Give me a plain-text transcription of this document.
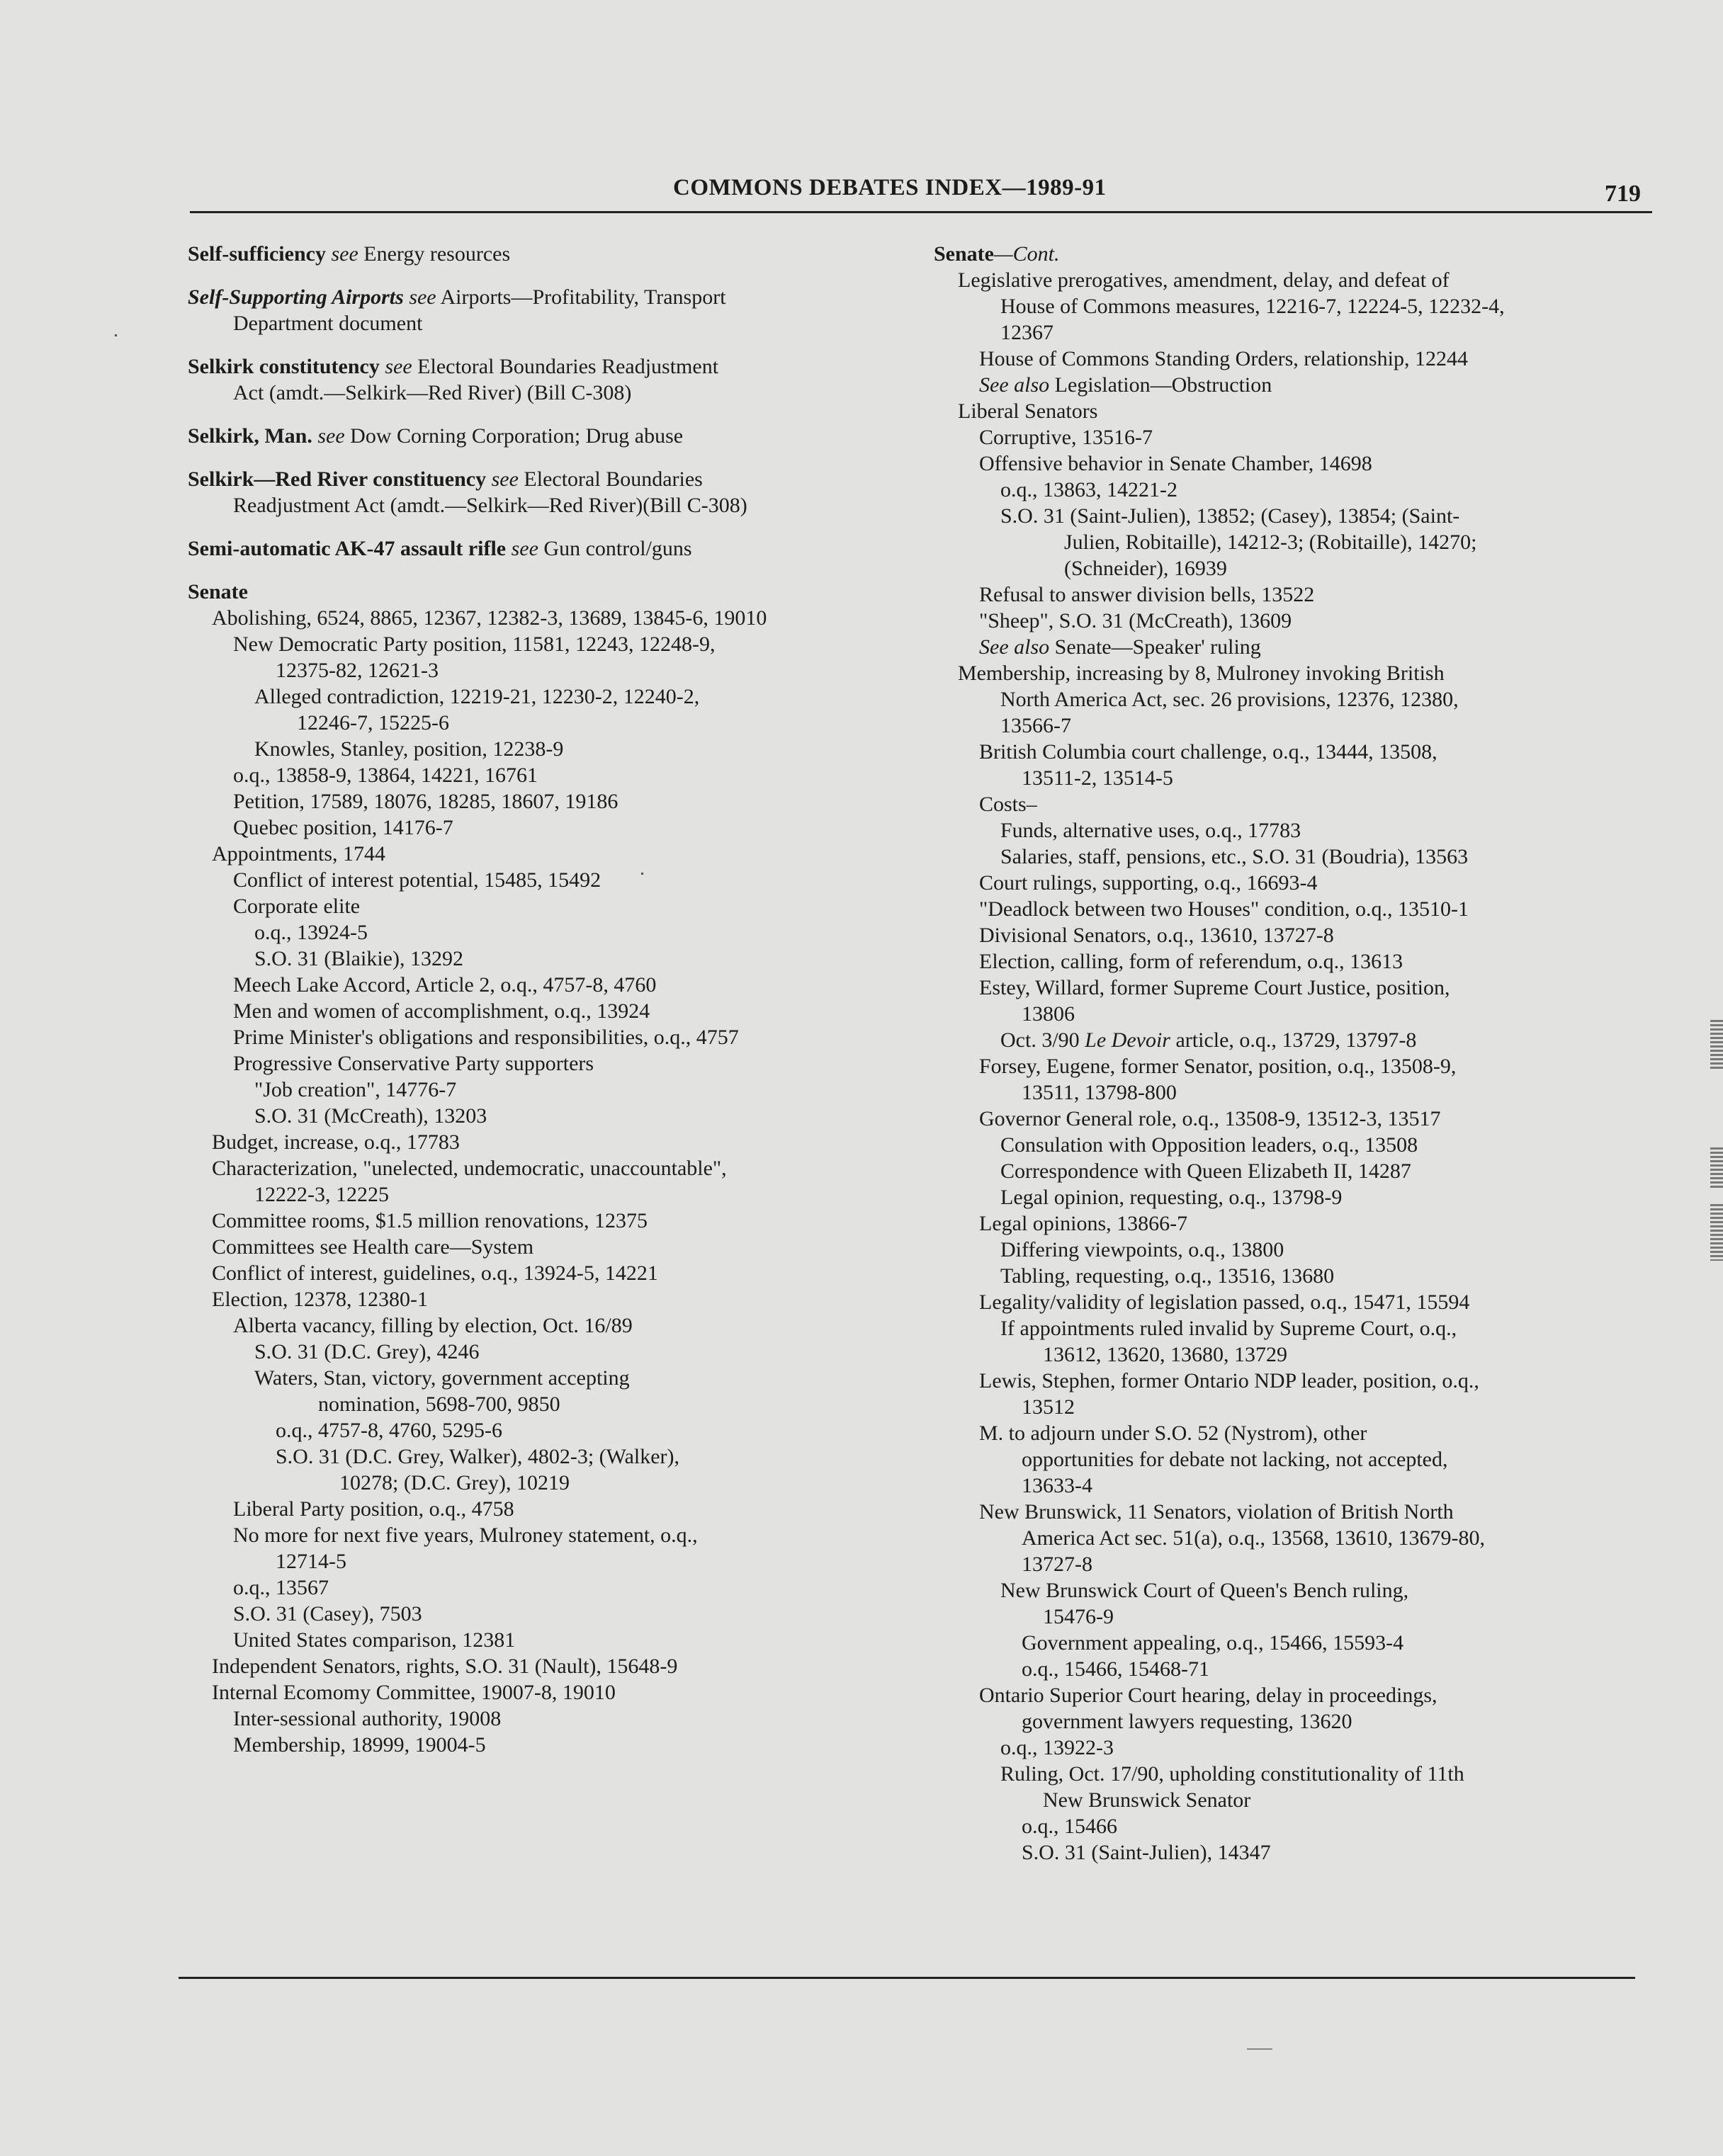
COMMONS DEBATES INDEX—1989-91	719
Self-sufficiency see Energy resources
Self-Supporting Airports see Airports—Profitability, Transport
Department document
Selkirk constitutency see Electoral Boundaries Readjustment
Act (amdt.—Selkirk—Red River) (Bill C-308)
Selkirk, Man. see Dow Corning Corporation; Drug abuse
Selkirk—Red River constituency see Electoral Boundaries
Readjustment Act (amdt.—Selkirk—Red River)(Bill C-308)
Semi-automatic AK-47 assault rifle see Gun control/guns
Senate
Abolishing, 6524, 8865, 12367, 12382-3, 13689, 13845-6, 19010
New Democratic Party position, 11581, 12243, 12248-9,
12375-82, 12621-3
Alleged contradiction, 12219-21, 12230-2, 12240-2,
12246-7, 15225-6
Knowles, Stanley, position, 12238-9
o.q., 13858-9, 13864, 14221, 16761
Petition, 17589, 18076, 18285, 18607, 19186
Quebec position, 14176-7
Appointments, 1744
Conflict of interest potential, 15485, 15492
Corporate elite
o.q., 13924-5
S.O. 31 (Blaikie), 13292
Meech Lake Accord, Article 2, o.q., 4757-8, 4760
Men and women of accomplishment, o.q., 13924
Prime Minister's obligations and responsibilities, o.q., 4757
Progressive Conservative Party supporters
"Job creation", 14776-7
S.O. 31 (McCreath), 13203
Budget, increase, o.q., 17783
Characterization, "unelected, undemocratic, unaccountable",
12222-3, 12225
Committee rooms, $1.5 million renovations, 12375
Committees see Health care—System
Conflict of interest, guidelines, o.q., 13924-5, 14221
Election, 12378, 12380-1
Alberta vacancy, filling by election, Oct. 16/89
S.O. 31 (D.C. Grey), 4246
Waters, Stan, victory, government accepting
nomination, 5698-700, 9850
o.q., 4757-8, 4760, 5295-6
S.O. 31 (D.C. Grey, Walker), 4802-3; (Walker),
10278; (D.C. Grey), 10219
Liberal Party position, o.q., 4758
No more for next five years, Mulroney statement, o.q.,
12714-5
o.q., 13567
S.O. 31 (Casey), 7503
United States comparison, 12381
Independent Senators, rights, S.O. 31 (Nault), 15648-9
Internal Ecomomy Committee, 19007-8, 19010
Inter-sessional authority, 19008
Membership, 18999, 19004-5
Senate—Cont.
Legislative prerogatives, amendment, delay, and defeat of
House of Commons measures, 12216-7, 12224-5, 12232-4,
12367
House of Commons Standing Orders, relationship, 12244
See also Legislation—Obstruction
Liberal Senators
Corruptive, 13516-7
Offensive behavior in Senate Chamber, 14698
o.q., 13863, 14221-2
S.O. 31 (Saint-Julien), 13852; (Casey), 13854; (Saint-
Julien, Robitaille), 14212-3; (Robitaille), 14270;
(Schneider), 16939
Refusal to answer division bells, 13522
"Sheep", S.O. 31 (McCreath), 13609
See also Senate—Speaker' ruling
Membership, increasing by 8, Mulroney invoking British
North America Act, sec. 26 provisions, 12376, 12380,
13566-7
British Columbia court challenge, o.q., 13444, 13508,
13511-2, 13514-5
Costs–
Funds, alternative uses, o.q., 17783
Salaries, staff, pensions, etc., S.O. 31 (Boudria), 13563
Court rulings, supporting, o.q., 16693-4
"Deadlock between two Houses" condition, o.q., 13510-1
Divisional Senators, o.q., 13610, 13727-8
Election, calling, form of referendum, o.q., 13613
Estey, Willard, former Supreme Court Justice, position,
13806
Oct. 3/90 Le Devoir article, o.q., 13729, 13797-8
Forsey, Eugene, former Senator, position, o.q., 13508-9,
13511, 13798-800
Governor General role, o.q., 13508-9, 13512-3, 13517
Consulation with Opposition leaders, o.q., 13508
Correspondence with Queen Elizabeth II, 14287
Legal opinion, requesting, o.q., 13798-9
Legal opinions, 13866-7
Differing viewpoints, o.q., 13800
Tabling, requesting, o.q., 13516, 13680
Legality/validity of legislation passed, o.q., 15471, 15594
If appointments ruled invalid by Supreme Court, o.q.,
13612, 13620, 13680, 13729
Lewis, Stephen, former Ontario NDP leader, position, o.q.,
13512
M. to adjourn under S.O. 52 (Nystrom), other
opportunities for debate not lacking, not accepted,
13633-4
New Brunswick, 11 Senators, violation of British North
America Act sec. 51(a), o.q., 13568, 13610, 13679-80,
13727-8
New Brunswick Court of Queen's Bench ruling,
15476-9
Government appealing, o.q., 15466, 15593-4
o.q., 15466, 15468-71
Ontario Superior Court hearing, delay in proceedings,
government lawyers requesting, 13620
o.q., 13922-3
Ruling, Oct. 17/90, upholding constitutionality of 11th
New Brunswick Senator
o.q., 15466
S.O. 31 (Saint-Julien), 14347
